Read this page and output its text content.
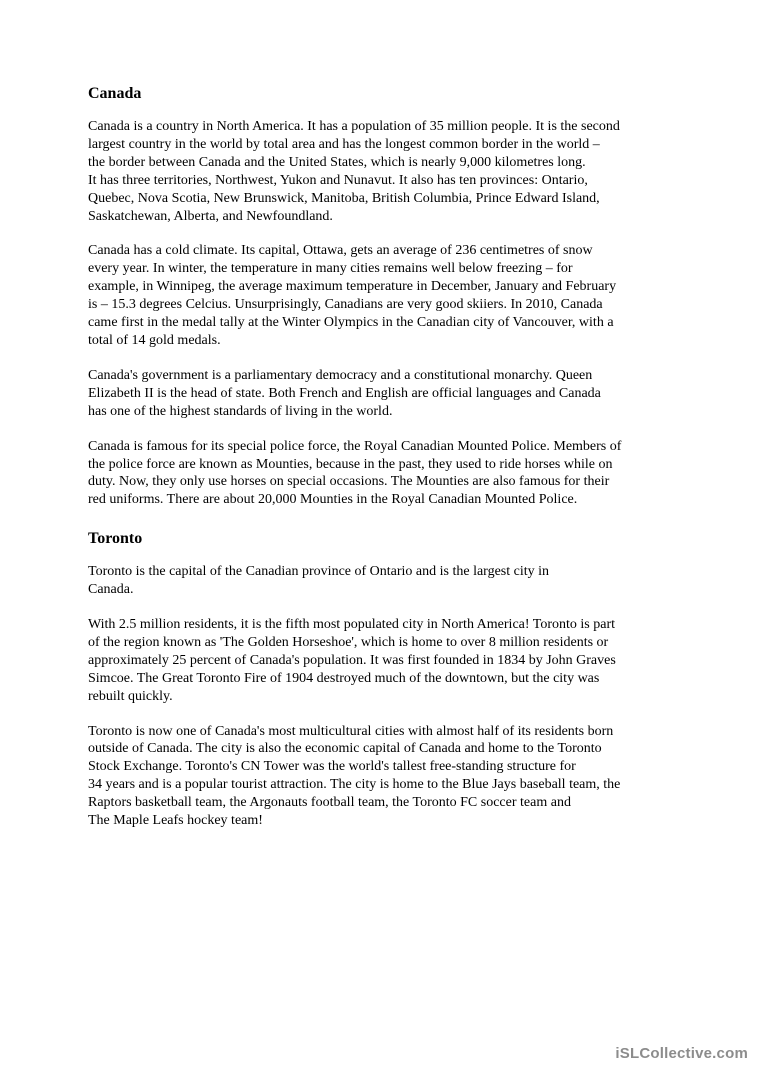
Canada

Canada is a country in North America. It has a population of 35 million people. It is the second
largest country in the world by total area and has the longest common border in the world –
the border between Canada and the United States, which is nearly 9,000 kilometres long.
It has three territories, Northwest, Yukon and Nunavut. It also has ten provinces: Ontario,
Quebec, Nova Scotia, New Brunswick, Manitoba, British Columbia, Prince Edward Island,
Saskatchewan, Alberta, and Newfoundland.

Canada has a cold climate. Its capital, Ottawa, gets an average of 236 centimetres of snow
every year. In winter, the temperature in many cities remains well below freezing – for
example, in Winnipeg, the average maximum temperature in December, January and February
is – 15.3 degrees Celcius. Unsurprisingly, Canadians are very good skiiers. In 2010, Canada
came first in the medal tally at the Winter Olympics in the Canadian city of Vancouver, with a
total of 14 gold medals.

Canada's government is a parliamentary democracy and a constitutional monarchy. Queen
Elizabeth II is the head of state. Both French and English are official languages and Canada
has one of the highest standards of living in the world.

Canada is famous for its special police force, the Royal Canadian Mounted Police. Members of
the police force are known as Mounties, because in the past, they used to ride horses while on
duty. Now, they only use horses on special occasions. The Mounties are also famous for their
red uniforms. There are about 20,000 Mounties in the Royal Canadian Mounted Police.

Toronto

Toronto is the capital of the Canadian province of Ontario and is the largest city in
Canada.

With 2.5 million residents, it is the fifth most populated city in North America! Toronto is part
of the region known as 'The Golden Horseshoe', which is home to over 8 million residents or
approximately 25 percent of Canada's population. It was first founded in 1834 by John Graves
Simcoe. The Great Toronto Fire of 1904 destroyed much of the downtown, but the city was
rebuilt quickly.

Toronto is now one of Canada's most multicultural cities with almost half of its residents born
outside of Canada. The city is also the economic capital of Canada and home to the Toronto
Stock Exchange. Toronto's CN Tower was the world's tallest free-standing structure for
34 years and is a popular tourist attraction. The city is home to the Blue Jays baseball team, the
Raptors basketball team, the Argonauts football team, the Toronto FC soccer team and
The Maple Leafs hockey team!

iSLCollective.com
